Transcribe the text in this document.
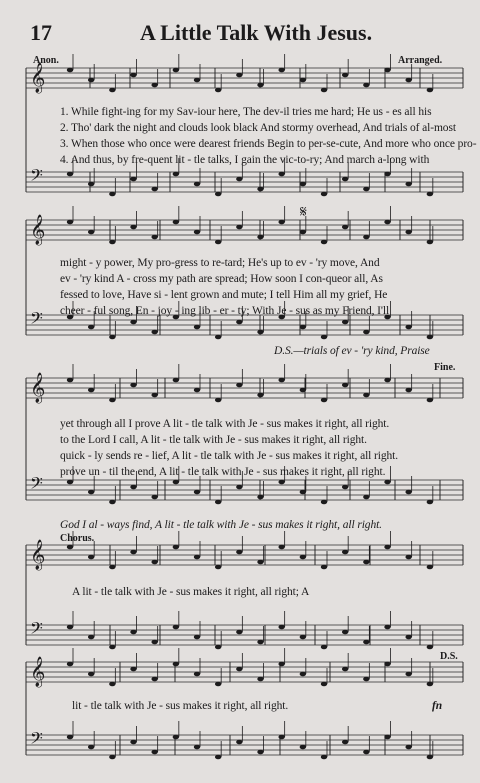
17	A Little Talk With Jesus.
Anon.	Arranged.
𝄞
𝄢
𝄞
𝄢
𝄞
𝄢
𝄞
𝄢
𝄞
𝄢
1. While fight-ing for my Sav-iour here, The dev-il tries me hard; He us - es all his
2. Tho' dark the night and clouds look black And stormy overhead, And trials of al-most
3. When those who once were dearest friends Begin to per-se-cute, And more who once pro-
4. And thus, by fre-quent lit - tle talks, I gain the vic-to-ry; And march a-long with
𝄋
might - y power, My pro-gress to re-tard; He's up to ev - 'ry move, And
ev - 'ry kind A - cross my path are spread; How soon I con-queor all, As
fessed to love, Have si - lent grown and mute; I tell Him all my grief, He
cheer - ful song, En - joy - ing lib - er - ty; With Je - sus as my Friend, I'll
D.S.—trials of ev - 'ry kind, Praise
Fine.
yet through all I prove A lit - tle talk with Je - sus makes it right, all right.
to the Lord I call, A lit - tle talk with Je - sus makes it right, all right.
quick - ly sends re - lief, A lit - tle talk with Je - sus makes it right, all right.
prove un - til the end, A lit - tle talk with Je - sus makes it right, all right.
God I al - ways find, A lit - tle talk with Je - sus makes it right, all right.
Chorus.
A lit - tle talk with Je - sus makes it right, all right; A
D.S.
lit - tle talk with Je - sus makes it right, all right.	fn
